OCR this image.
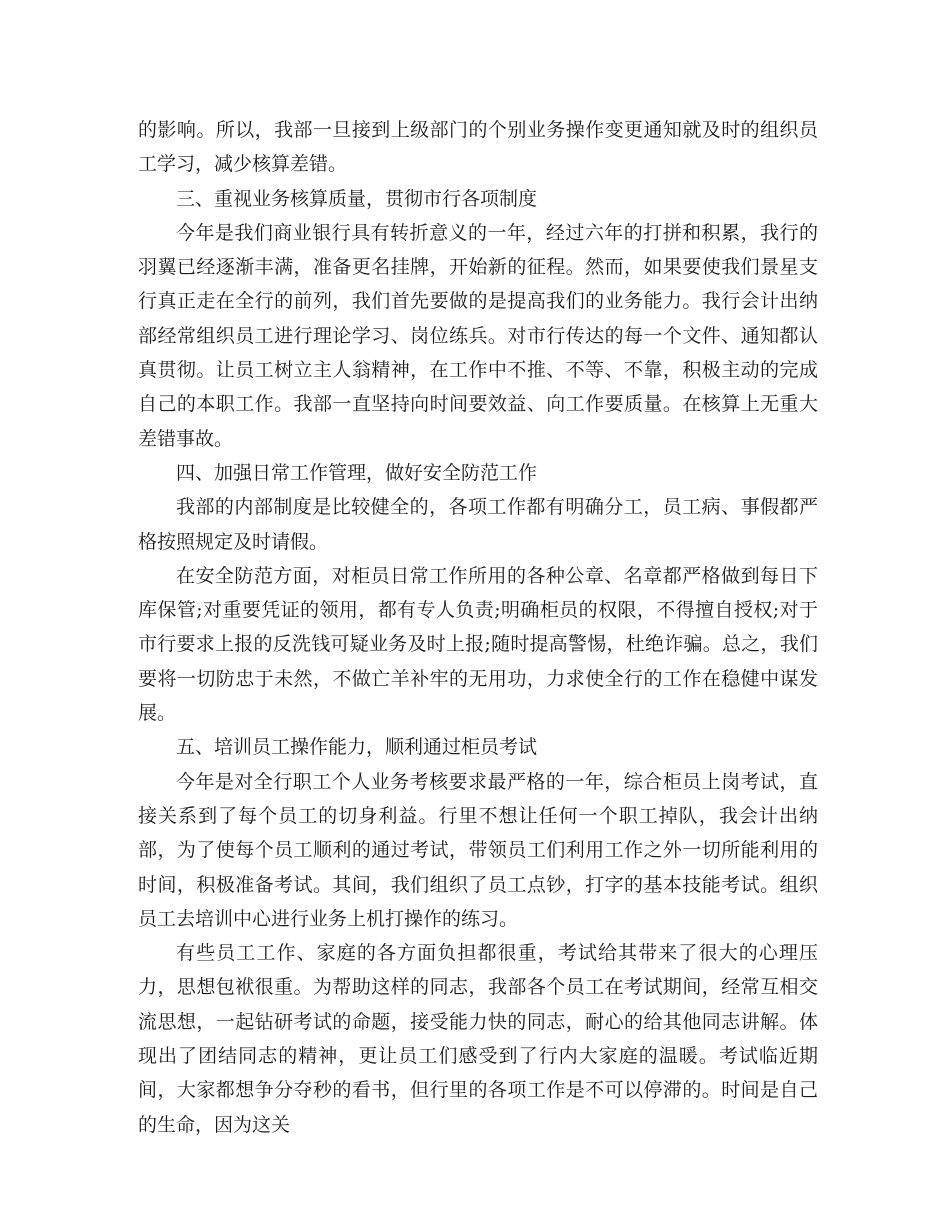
的影响。所以，我部一旦接到上级部门的个别业务操作变更通知就及时的组织员工学习，减少核算差错。

三、重视业务核算质量，贯彻市行各项制度

今年是我们商业银行具有转折意义的一年，经过六年的打拼和积累，我行的羽翼已经逐渐丰满，准备更名挂牌，开始新的征程。然而，如果要使我们景星支行真正走在全行的前列，我们首先要做的是提高我们的业务能力。我行会计出纳部经常组织员工进行理论学习、岗位练兵。对市行传达的每一个文件、通知都认真贯彻。让员工树立主人翁精神，在工作中不推、不等、不靠，积极主动的完成自己的本职工作。我部一直坚持向时间要效益、向工作要质量。在核算上无重大差错事故。

四、加强日常工作管理，做好安全防范工作

我部的内部制度是比较健全的，各项工作都有明确分工，员工病、事假都严格按照规定及时请假。

在安全防范方面，对柜员日常工作所用的各种公章、名章都严格做到每日下库保管;对重要凭证的领用，都有专人负责;明确柜员的权限，不得擅自授权;对于市行要求上报的反洗钱可疑业务及时上报;随时提高警惕，杜绝诈骗。总之，我们要将一切防忠于未然，不做亡羊补牢的无用功，力求使全行的工作在稳健中谋发展。

五、培训员工操作能力，顺利通过柜员考试

今年是对全行职工个人业务考核要求最严格的一年，综合柜员上岗考试，直接关系到了每个员工的切身利益。行里不想让任何一个职工掉队，我会计出纳部，为了使每个员工顺利的通过考试，带领员工们利用工作之外一切所能利用的时间，积极准备考试。其间，我们组织了员工点钞，打字的基本技能考试。组织员工去培训中心进行业务上机打操作的练习。

有些员工工作、家庭的各方面负担都很重，考试给其带来了很大的心理压力，思想包袱很重。为帮助这样的同志，我部各个员工在考试期间，经常互相交流思想，一起钻研考试的命题，接受能力快的同志，耐心的给其他同志讲解。体现出了团结同志的精神，更让员工们感受到了行内大家庭的温暖。考试临近期间，大家都想争分夺秒的看书，但行里的各项工作是不可以停滞的。时间是自己的生命，因为这关
